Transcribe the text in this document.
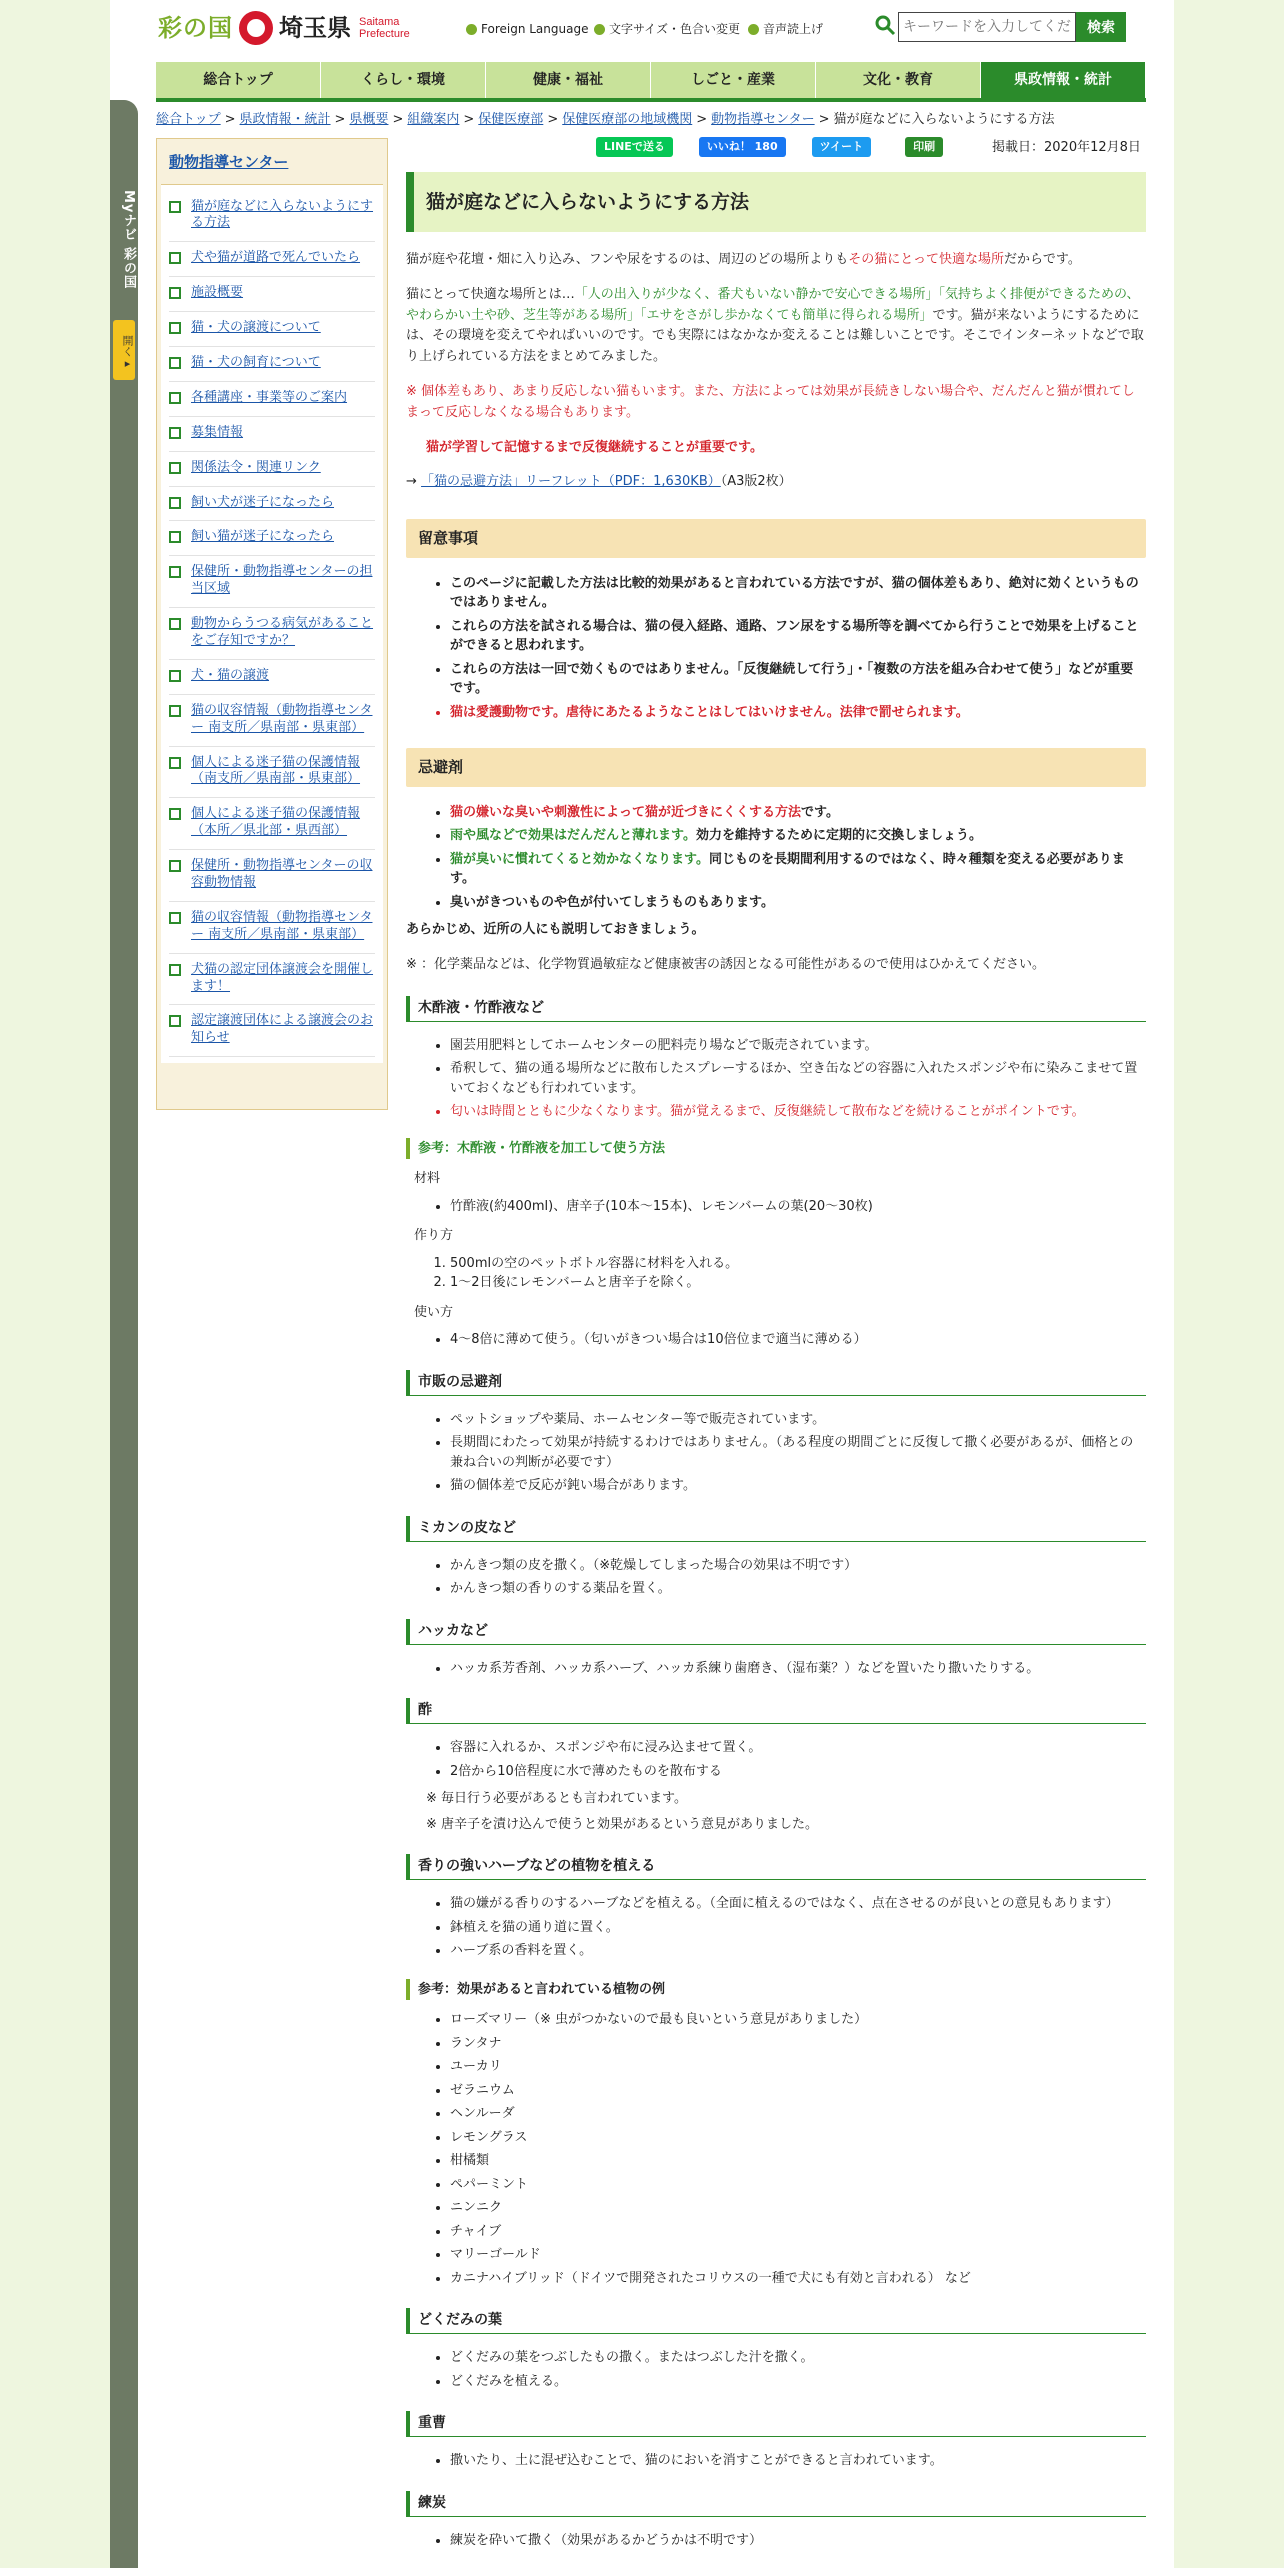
Myナビ 彩の国
開く▸
彩の国 埼玉県 Saitama Prefecture	Foreign Language 文字サイズ・色合い変更 音声読上げ
キーワードを入力してください	検索
総合トップ	くらし・環境	健康・福祉	しごと・産業	文化・教育	県政情報・統計
総合トップ > 県政情報・統計 > 県概要 > 組織案内 > 保健医療部 > 保健医療部の地域機関 > 動物指導センター > 猫が庭などに入らないようにする方法
LINEで送る	いいね！ 180	ツイート	印刷	掲載日：2020年12月8日
動物指導センター
猫が庭などに入らないようにする方法
犬や猫が道路で死んでいたら
施設概要
猫・犬の譲渡について
猫・犬の飼育について
各種講座・事業等のご案内
募集情報
関係法令・関連リンク
飼い犬が迷子になったら
飼い猫が迷子になったら
保健所・動物指導センターの担当区域
動物からうつる病気があることをご存知ですか？
犬・猫の譲渡
猫の収容情報（動物指導センター 南支所／県南部・県東部）
個人による迷子猫の保護情報（南支所／県南部・県東部）
個人による迷子猫の保護情報（本所／県北部・県西部）
保健所・動物指導センターの収容動物情報
猫の収容情報（動物指導センター 南支所／県南部・県東部）
犬猫の認定団体譲渡会を開催します！
認定譲渡団体による譲渡会のお知らせ
猫が庭などに入らないようにする方法

猫が庭や花壇・畑に入り込み、フンや尿をするのは、周辺のどの場所よりもその猫にとって快適な場所だからです。

猫にとって快適な場所とは…「人の出入りが少なく、番犬もいない静かで安心できる場所」「気持ちよく排便ができるための、やわらかい土や砂、芝生等がある場所」「エサをさがし歩かなくても簡単に得られる場所」です。猫が来ないようにするためには、その環境を変えてやればいいのです。でも実際にはなかなか変えることは難しいことです。そこでインターネットなどで取り上げられている方法をまとめてみました。

※ 個体差もあり、あまり反応しない猫もいます。また、方法によっては効果が長続きしない場合や、だんだんと猫が慣れてしまって反応しなくなる場合もあります。

猫が学習して記憶するまで反復継続することが重要です。

→ 「猫の忌避方法」リーフレット（PDF：1,630KB）（A3版2枚）

留意事項
• このページに記載した方法は比較的効果があると言われている方法ですが、猫の個体差もあり、絶対に効くというものではありません。
• これらの方法を試される場合は、猫の侵入経路、通路、フン尿をする場所等を調べてから行うことで効果を上げることができると思われます。
• これらの方法は一回で効くものではありません。「反復継続して行う」・「複数の方法を組み合わせて使う」などが重要です。
• 猫は愛護動物です。虐待にあたるようなことはしてはいけません。法律で罰せられます。
忌避剤
• 猫の嫌いな臭いや刺激性によって猫が近づきにくくする方法です。
• 雨や風などで効果はだんだんと薄れます。効力を維持するために定期的に交換しましょう。
• 猫が臭いに慣れてくると効かなくなります。同じものを長期間利用するのではなく、時々種類を変える必要があります。
• 臭いがきついものや色が付いてしまうものもあります。

あらかじめ、近所の人にも説明しておきましょう。

※ ：化学薬品などは、化学物質過敏症など健康被害の誘因となる可能性があるので使用はひかえてください。

木酢液・竹酢液など
• 園芸用肥料としてホームセンターの肥料売り場などで販売されています。
• 希釈して、猫の通る場所などに散布したスプレーするほか、空き缶などの容器に入れたスポンジや布に染みこませて置いておくなども行われています。
• 匂いは時間とともに少なくなります。猫が覚えるまで、反復継続して散布などを続けることがポイントです。
参考：木酢液・竹酢液を加工して使う方法
材料
• 竹酢液(約400ml)、唐辛子(10本～15本)、レモンバームの葉(20～30枚)
作り方
1. 500mlの空のペットボトル容器に材料を入れる。
2. 1～2日後にレモンバームと唐辛子を除く。
使い方
• 4～8倍に薄めて使う。（匂いがきつい場合は10倍位まで適当に薄める）
市販の忌避剤
• ペットショップや薬局、ホームセンター等で販売されています。
• 長期間にわたって効果が持続するわけではありません。（ある程度の期間ごとに反復して撒く必要があるが、価格との兼ね合いの判断が必要です）
• 猫の個体差で反応が鈍い場合があります。
ミカンの皮など
• かんきつ類の皮を撒く。（※乾燥してしまった場合の効果は不明です）
• かんきつ類の香りのする薬品を置く。
ハッカなど
• ハッカ系芳香剤、ハッカ系ハーブ、ハッカ系練り歯磨き、（湿布薬？）などを置いたり撒いたりする。
酢
• 容器に入れるか、スポンジや布に浸み込ませて置く。
• 2倍から10倍程度に水で薄めたものを散布する

※ 毎日行う必要があるとも言われています。

※ 唐辛子を漬け込んで使うと効果があるという意見がありました。

香りの強いハーブなどの植物を植える
• 猫の嫌がる香りのするハーブなどを植える。（全面に植えるのではなく、点在させるのが良いとの意見もあります）
• 鉢植えを猫の通り道に置く。
• ハーブ系の香料を置く。
参考：効果があると言われている植物の例
• ローズマリー（※ 虫がつかないので最も良いという意見がありました）
• ランタナ
• ユーカリ
• ゼラニウム
• ヘンルーダ
• レモングラス
• 柑橘類
• ペパーミント
• ニンニク
• チャイブ
• マリーゴールド
• カニナハイブリッド（ドイツで開発されたコリウスの一種で犬にも有効と言われる） など
どくだみの葉
• どくだみの葉をつぶしたもの撒く。またはつぶした汁を撒く。
• どくだみを植える。
重曹
• 撒いたり、土に混ぜ込むことで、猫のにおいを消すことができると言われています。
練炭
• 練炭を砕いて撒く（効果があるかどうかは不明です）
